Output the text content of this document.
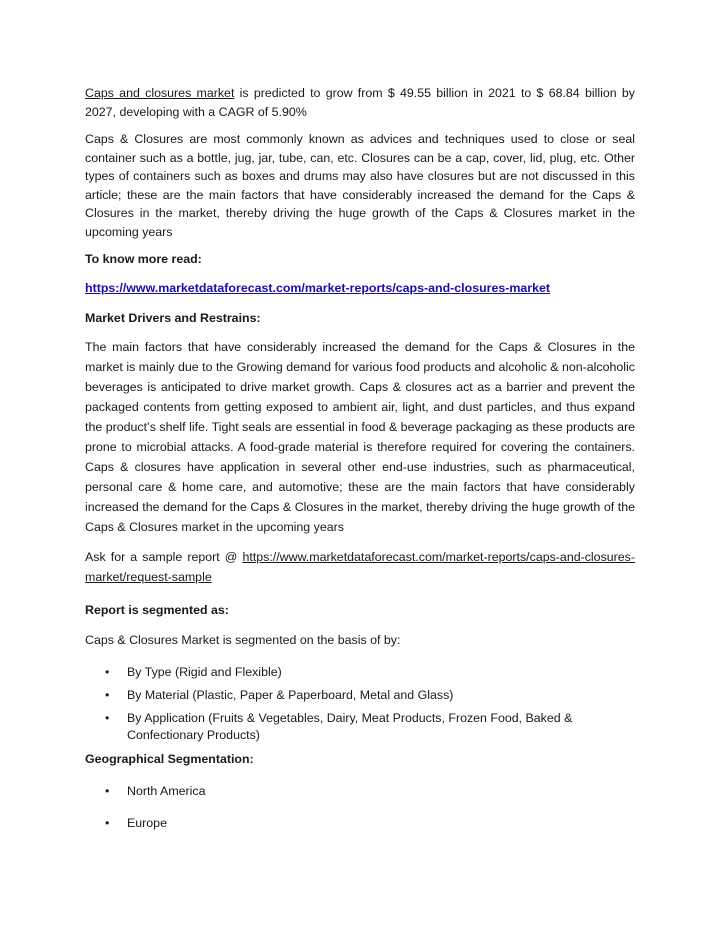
Caps and closures market is predicted to grow from $ 49.55 billion in 2021 to $ 68.84 billion by 2027, developing with a CAGR of 5.90%

Caps & Closures are most commonly known as advices and techniques used to close or seal container such as a bottle, jug, jar, tube, can, etc. Closures can be a cap, cover, lid, plug, etc. Other types of containers such as boxes and drums may also have closures but are not discussed in this article; these are the main factors that have considerably increased the demand for the Caps & Closures in the market, thereby driving the huge growth of the Caps & Closures market in the upcoming years

To know more read:

https://www.marketdataforecast.com/market-reports/caps-and-closures-market

Market Drivers and Restrains:

The main factors that have considerably increased the demand for the Caps & Closures in the market is mainly due to the Growing demand for various food products and alcoholic & non-alcoholic beverages is anticipated to drive market growth. Caps & closures act as a barrier and prevent the packaged contents from getting exposed to ambient air, light, and dust particles, and thus expand the productʼs shelf life. Tight seals are essential in food & beverage packaging as these products are prone to microbial attacks. A food-grade material is therefore required for covering the containers. Caps & closures have application in several other end-use industries, such as pharmaceutical, personal care & home care, and automotive; these are the main factors that have considerably increased the demand for the Caps & Closures in the market, thereby driving the huge growth of the Caps & Closures market in the upcoming years

Ask for a sample report @ https://www.marketdataforecast.com/market-reports/caps-and-closures-market/request-sample

Report is segmented as:

Caps & Closures Market is segmented on the basis of by:

• By Type (Rigid and Flexible)
• By Material (Plastic, Paper & Paperboard, Metal and Glass)
• By Application (Fruits & Vegetables, Dairy, Meat Products, Frozen Food, Baked & Confectionary Products)

Geographical Segmentation:

• North America
• Europe
